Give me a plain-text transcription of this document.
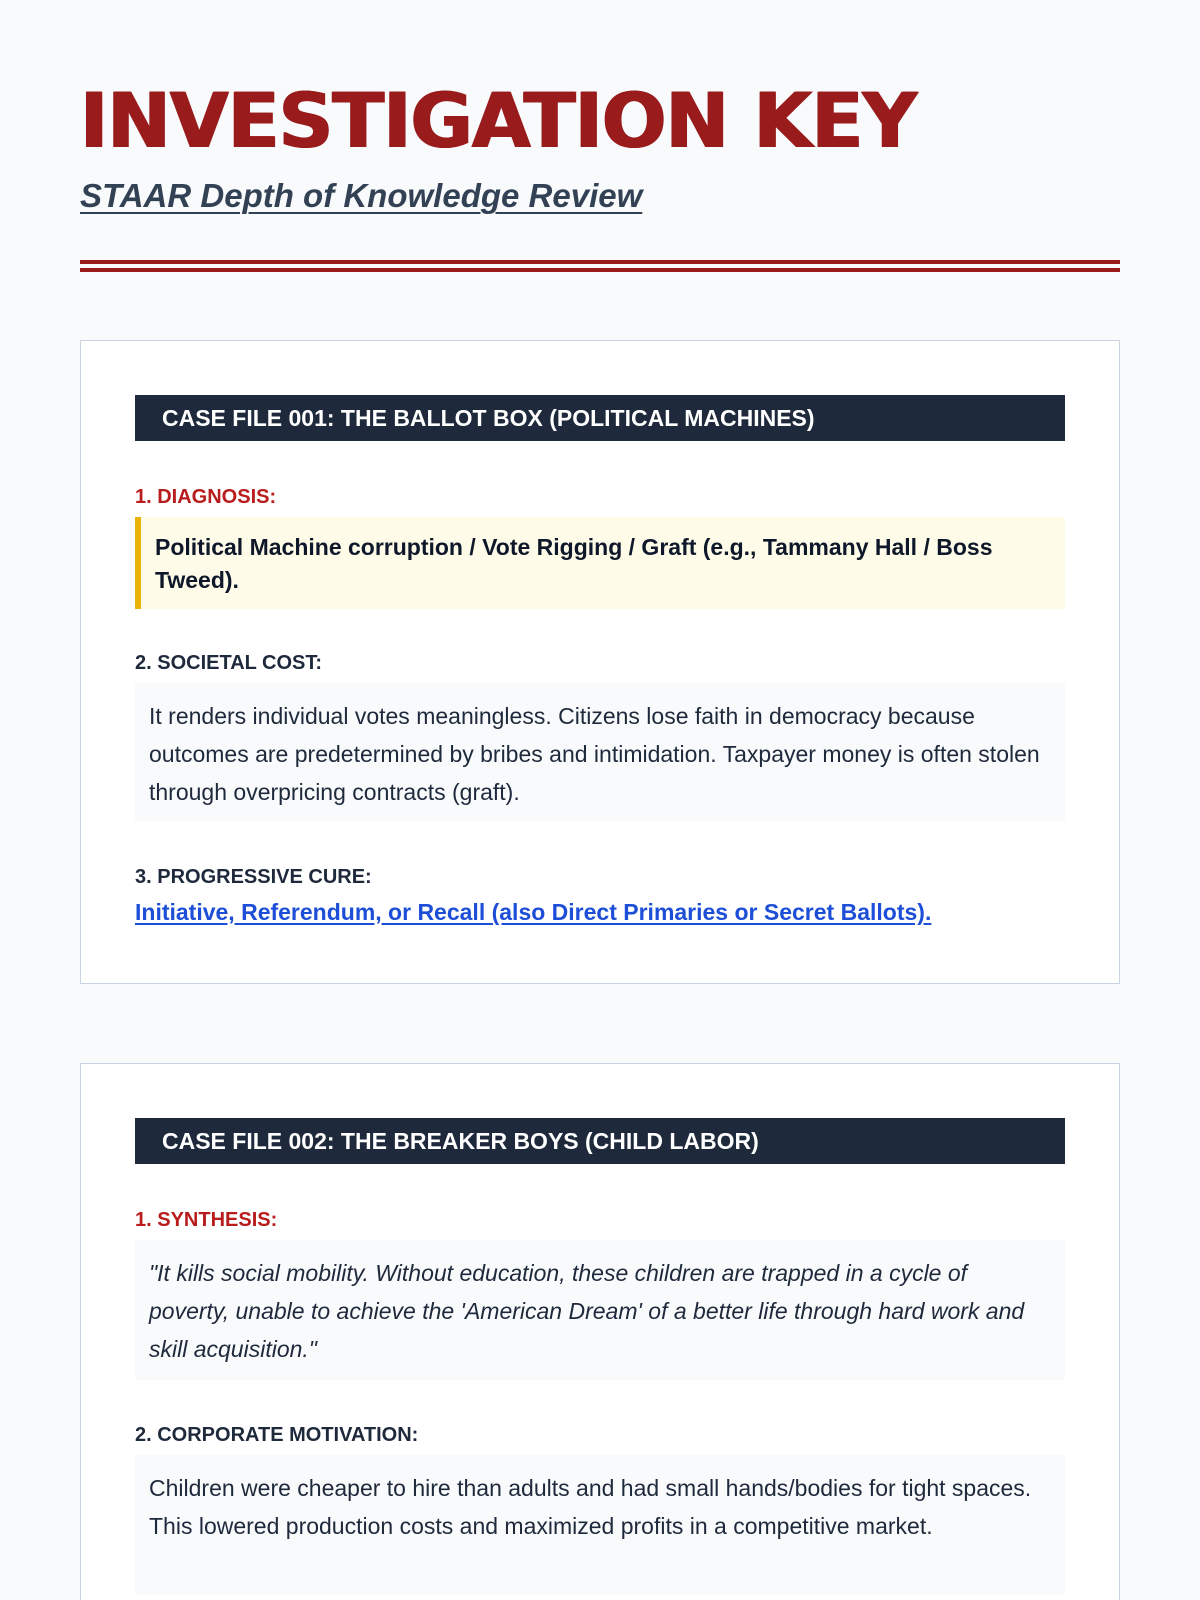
INVESTIGATION KEY
STAAR Depth of Knowledge Review
CASE FILE 001: THE BALLOT BOX (POLITICAL MACHINES)
1. DIAGNOSIS:
Political Machine corruption / Vote Rigging / Graft (e.g., Tammany Hall / Boss Tweed).
2. SOCIETAL COST:
It renders individual votes meaningless. Citizens lose faith in democracy because outcomes are predetermined by bribes and intimidation. Taxpayer money is often stolen through overpricing contracts (graft).
3. PROGRESSIVE CURE:
Initiative, Referendum, or Recall (also Direct Primaries or Secret Ballots).
CASE FILE 002: THE BREAKER BOYS (CHILD LABOR)
1. SYNTHESIS:
"It kills social mobility. Without education, these children are trapped in a cycle of poverty, unable to achieve the 'American Dream' of a better life through hard work and skill acquisition."
2. CORPORATE MOTIVATION:
Children were cheaper to hire than adults and had small hands/bodies for tight spaces. This lowered production costs and maximized profits in a competitive market.
